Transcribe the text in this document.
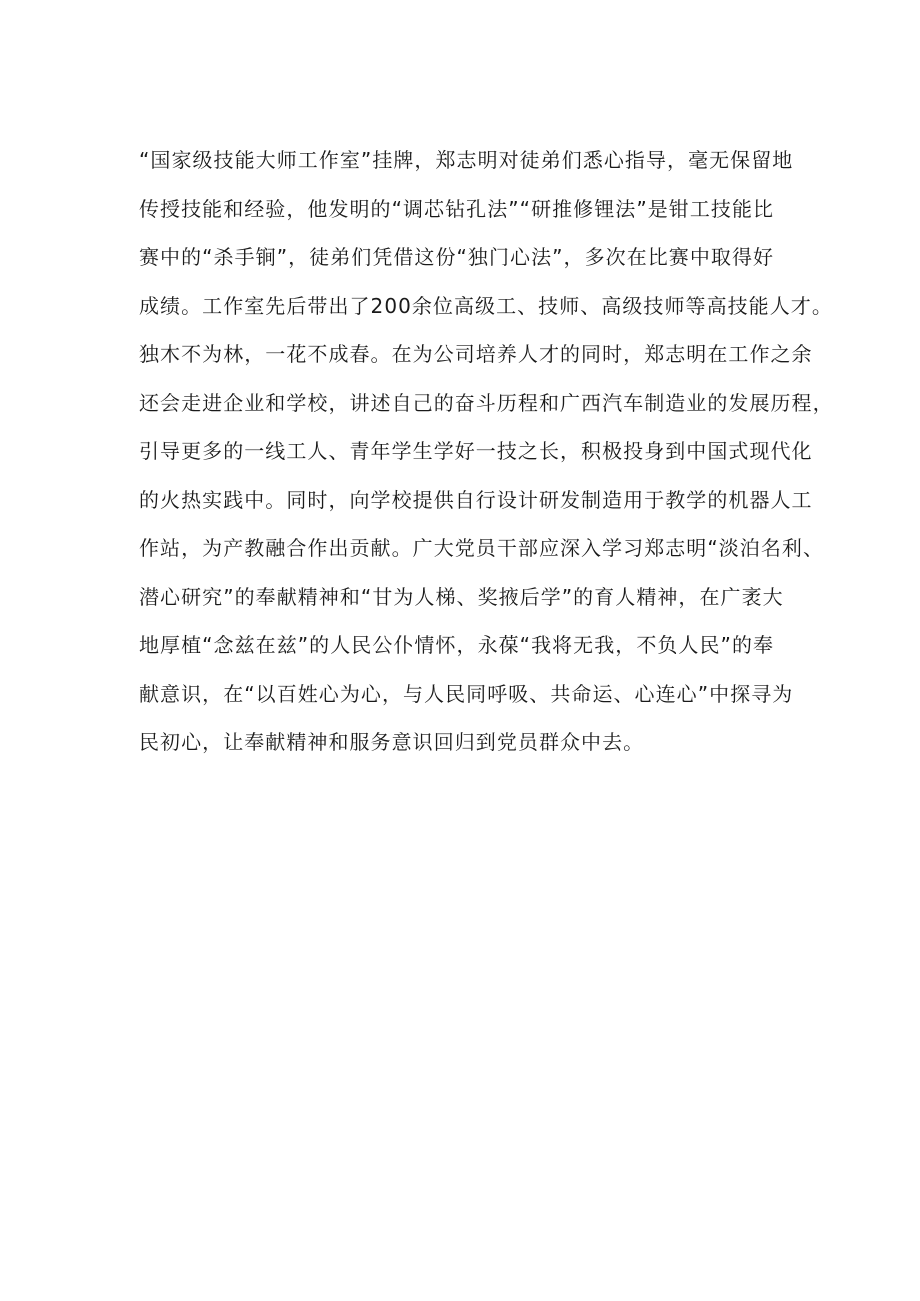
“国家级技能大师工作室”挂牌，郑志明对徒弟们悉心指导，毫无保留地
传授技能和经验，他发明的“调芯钻孔法”“研推修锂法”是钳工技能比
赛中的“杀手锏”，徒弟们凭借这份“独门心法”，多次在比赛中取得好
成绩。工作室先后带出了200余位高级工、技师、高级技师等高技能人才。
独木不为林，一花不成春。在为公司培养人才的同时，郑志明在工作之余
还会走进企业和学校，讲述自己的奋斗历程和广西汽车制造业的发展历程，
引导更多的一线工人、青年学生学好一技之长，积极投身到中国式现代化
的火热实践中。同时，向学校提供自行设计研发制造用于教学的机器人工
作站，为产教融合作出贡献。广大党员干部应深入学习郑志明“淡泊名利、
潜心研究”的奉献精神和“甘为人梯、奖掖后学”的育人精神，在广袤大
地厚植“念兹在兹”的人民公仆情怀，永葆“我将无我，不负人民”的奉
献意识，在“以百姓心为心，与人民同呼吸、共命运、心连心”中探寻为
民初心，让奉献精神和服务意识回归到党员群众中去。
